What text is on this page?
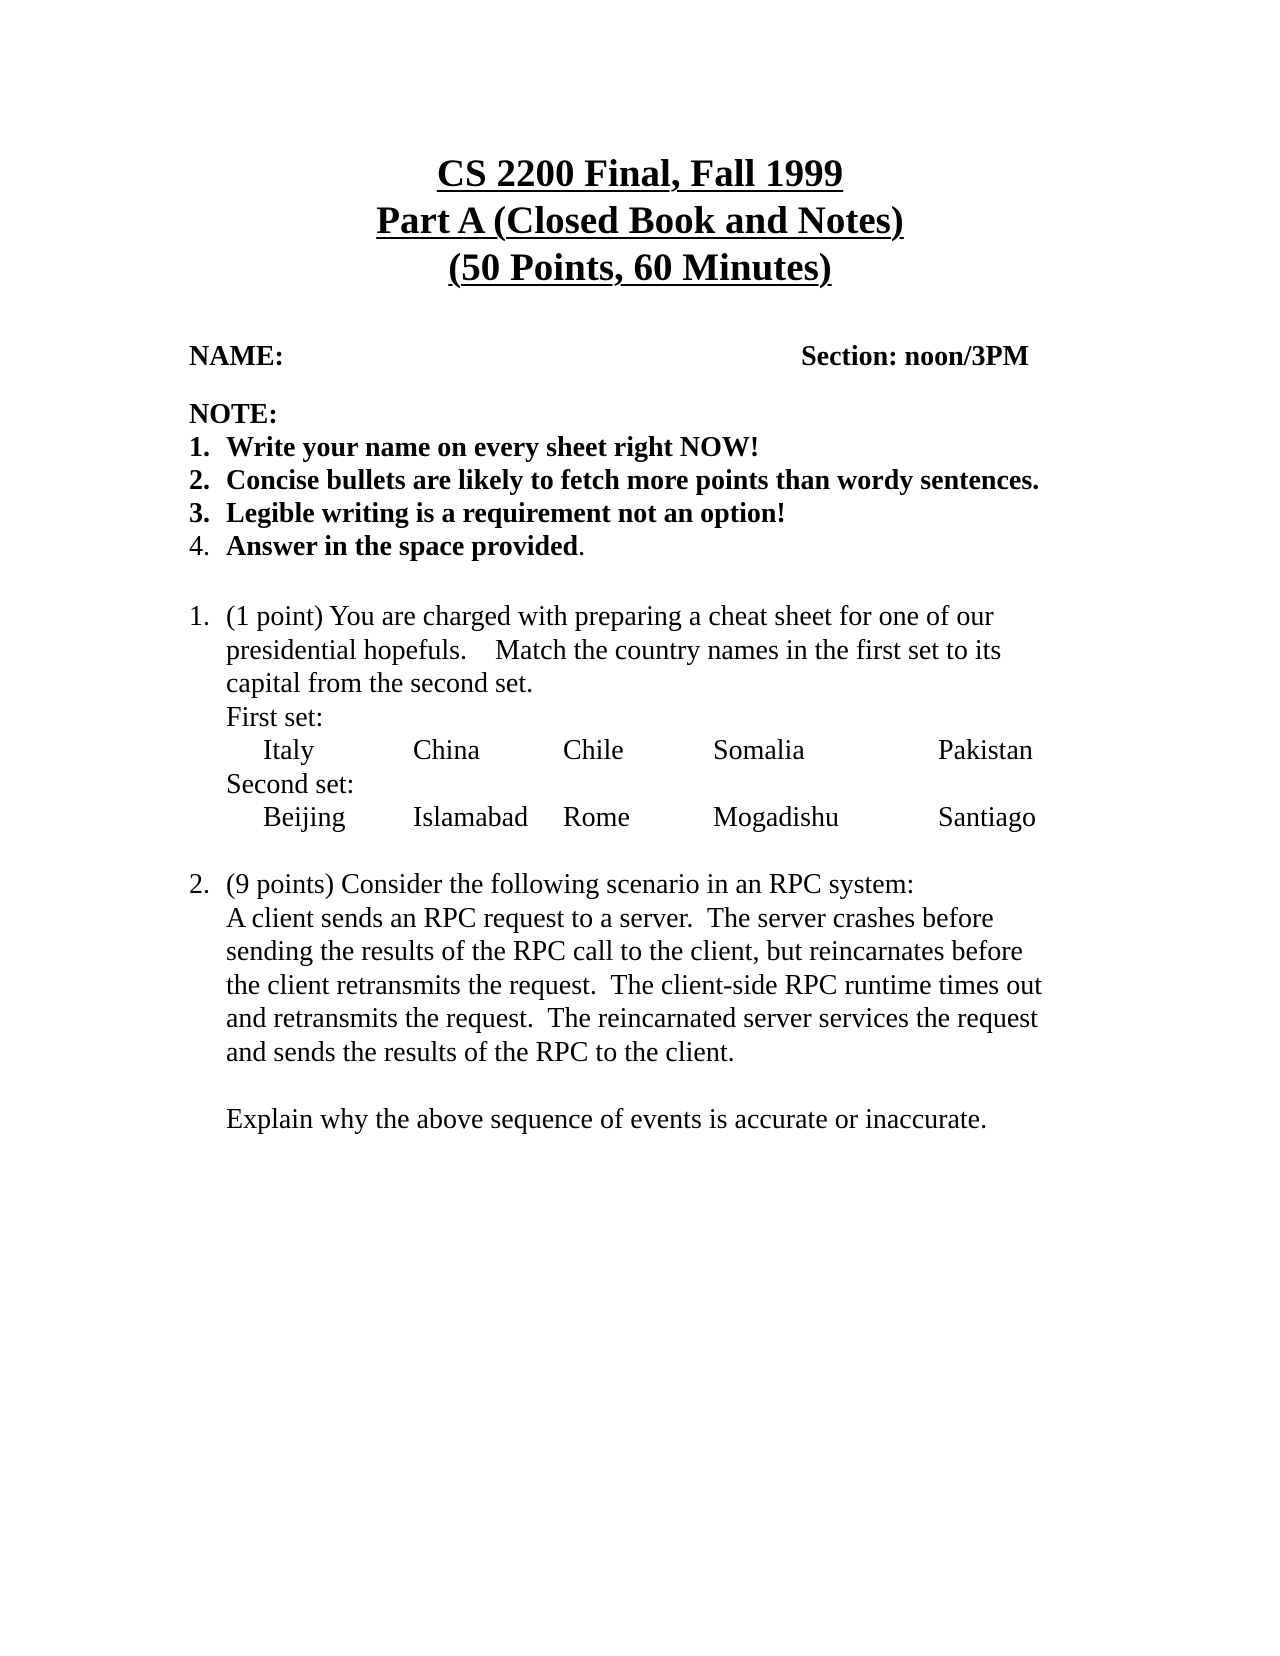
CS 2200 Final, Fall 1999
Part A (Closed Book and Notes)
(50 Points, 60 Minutes)
NAME:	Section: noon/3PM
NOTE:
1. Write your name on every sheet right NOW!
2. Concise bullets are likely to fetch more points than wordy sentences.
3. Legible writing is a requirement not an option!
4. Answer in the space provided.
1. (1 point) You are charged with preparing a cheat sheet for one of our
presidential hopefuls.    Match the country names in the first set to its
capital from the second set.
First set:
Italy	China	Chile	Somalia	Pakistan
Second set:
Beijing Islamabad Rome	Mogadishu	Santiago
2. (9 points) Consider the following scenario in an RPC system:
A client sends an RPC request to a server.  The server crashes before
sending the results of the RPC call to the client, but reincarnates before
the client retransmits the request.  The client-side RPC runtime times out
and retransmits the request.  The reincarnated server services the request
and sends the results of the RPC to the client.
Explain why the above sequence of events is accurate or inaccurate.
